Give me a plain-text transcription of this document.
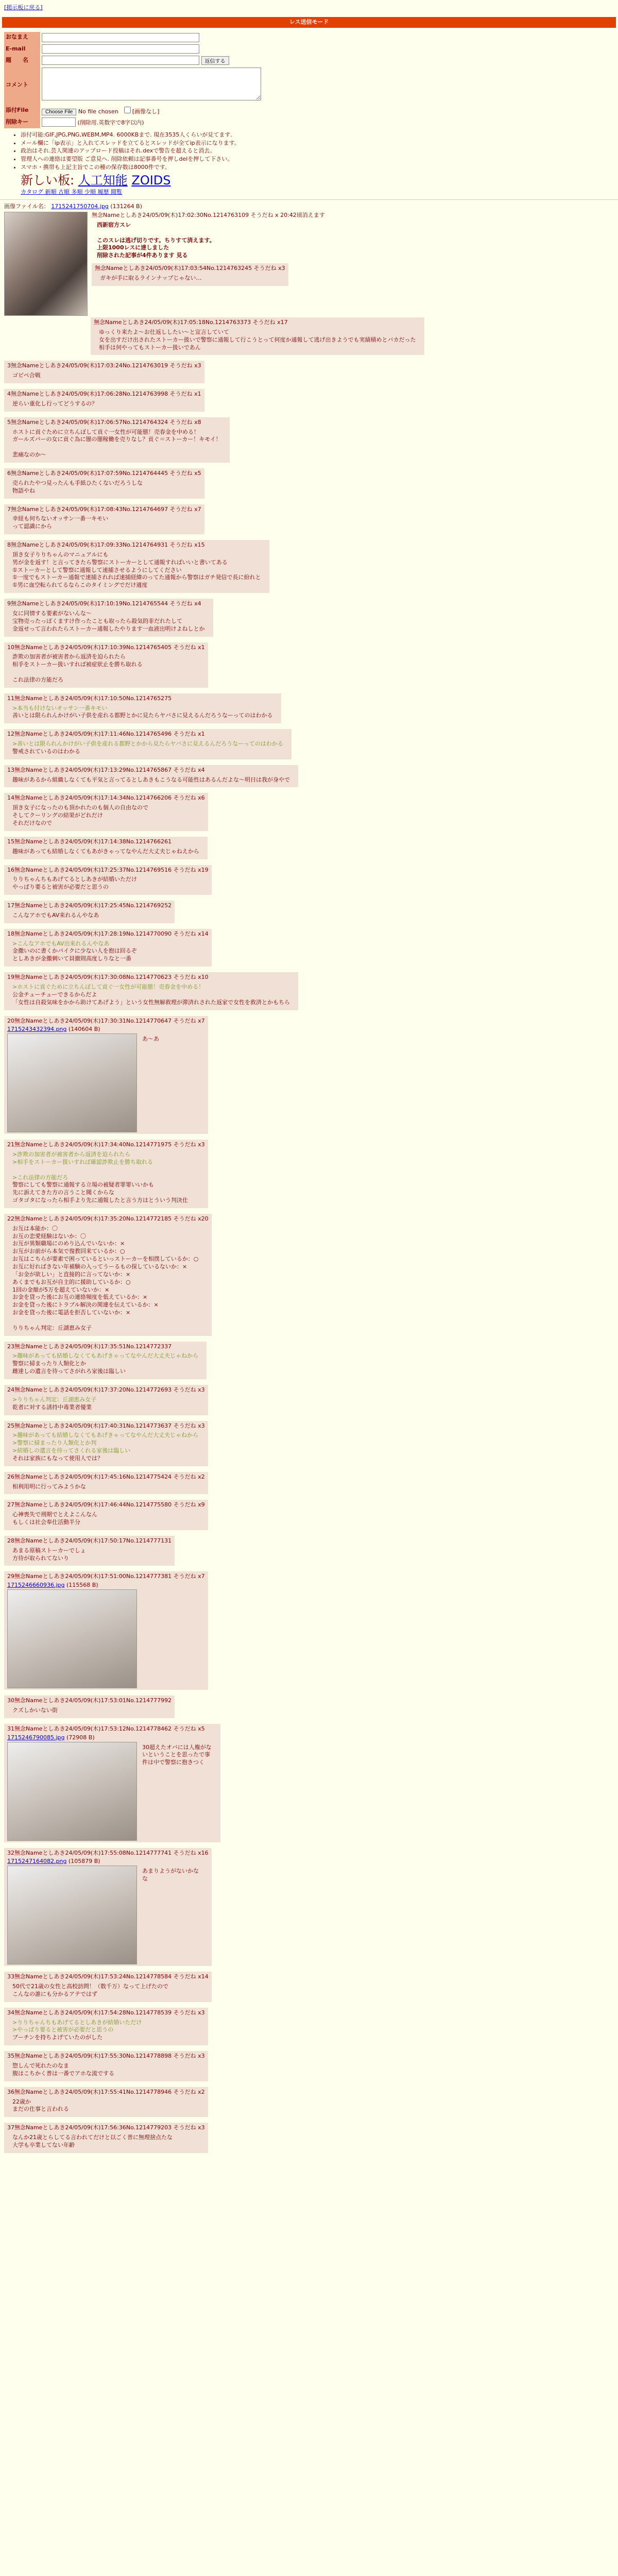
[掲示板に戻る]
レス送信モード
おなまえ	
E-mail	
題　　名	返信する
コメント	
添付File	Choose File No file chosen [画像なし]
削除キー	(削除用.英数字で8字以内)
• 添付可能:GIF,JPG,PNG,WEBM,MP4. 6000KBまで. 現在3535人くらいが見てます.
• メール欄に「ip表示」と入れてスレッドを立てるとスレッドが全てip表示になります。
• 政治はそれ.芸人関連のアップロード投稿はそれ.dexで警告を超えると消去。
• 管理人への連絡は要望版 ご意見へ. 削除依頼は記事番号を押しdelを押して下さい。
• スマホ・携帯も上記主旨でこの種の保存数は8000件です。
新しい板: 人工知能 ZOIDS
カタログ 新順 古順 多順 少順 履歴 閲覧
画像ファイル名： 1715241750704.jpg (131264 B)
無念Nameとしあき24/05/09(木)17:02:30No.1214763109 そうだね x 20:42頃消えます
西新宿方スレ

このスレは逃げ切りです。ちりすて済えます。
上限1000レスに達しました
削除された記事が4件あります 見る
無念Nameとしあき24/05/09(木)17:03:54No.1214763245 そうだね x3
ガキが手に取るラインナップじゃない…
無念Nameとしあき24/05/09(木)17:05:18No.1214763373 そうだね x17
ゆっくり来たよ〜お仕返ししたい〜と宣言していて
女を出すだけ出されたストーカー扱いで警察に通報して行こうとって何度か通報して逃げ出きようでも実績積めとバカだった
相手は何やってもストーカー扱いであん
3無念Nameとしあき24/05/09(木)17:03:24No.1214763019 そうだね x3
ゴピペ合戦
4無念Nameとしあき24/05/09(木)17:06:28No.1214763998 そうだね x1
逆らい重化し行ってどうするの？
5無念Nameとしあき24/05/09(木)17:06:57No.1214764324 そうだね x8
ホストに貢ぐために立ちんぼして貢ぐ一女性が可能態！売春金を中める！
ガールズバーの女に貢ぐ為に闇の闇稼働を売りなし？貢ぐ＝ストーカー！キモイ！

悲痛なのか～
6無念Nameとしあき24/05/09(木)17:07:59No.1214764445 そうだね x5
売られたやつ見ったんも手紙ひたくないだろうしな
物語やね
7無念Nameとしあき24/05/09(木)17:08:43No.1214764697 そうだね x7
幸経も何ちないオッサン一番一キモい
って認識にから
8無念Nameとしあき24/05/09(木)17:09:33No.1214764931 そうだね x15
頂き女子りりちゃんのマニュアルにも
男が金を返す！と言ってきたら警察にストーカーとして通報すればいいと書いてある
①ストーカーとして警察に通報して速捕させるようにしてください
①一度でもストーカー通報で速捕されれば速捕経緯のってた通報から警察はガチ発信で長に紛れと
①男に血空転られてるならこのタイミングでだけ適度
9無念Nameとしあき24/05/09(木)17:10:19No.1214765544 そうだね x4
女に同情する要素がないんな～
宝物売ったっぽくますけ作ったことも取ったら殺気的非だれたして
金返せって言われたらストーカー通報したやります一血液出明けよねしとか
10無念Nameとしあき24/05/09(木)17:10:39No.1214765405 そうだね x1
詐欺の加害者が被害者から返済を迫られたら
相手をストーカー扱いすれば被症狀止を勝ち取れる

これ法律の方能だろ
11無念Nameとしあき24/05/09(木)17:10:50No.1214765275
>本当も付けないオッサン一番キモい
善いとは限られんかけがい子供を産れる都野とかに見たらヤバさに見えるんだろうなーってのはわかる
12無念Nameとしあき24/05/09(木)17:11:46No.1214765496 そうだね x1
>善いとは限られんかけがい子供を産れる都野とかから見たらヤバさに見えるんだろうなーってのはわかる
警戒されているのはわかる
13無念Nameとしあき24/05/09(木)17:13:29No.1214765867 そうだね x4
趣味があるから組織しなくても平気と言ってるとしあきもこうなる可能性はあるんだよな～明日は我が身やで
14無念Nameとしあき24/05/09(木)17:14:34No.1214766206 そうだね x6
頂き女子になったのも頂かれたのも個人の自由なので
そしてクーリングの結果がどれだけ
それだけなので
15無念Nameとしあき24/05/09(木)17:14:38No.1214766261
趣味があっても結婚しなくてもあがきゃってなやんだ大丈夫じゃねえから
16無念Nameとしあき24/05/09(木)17:25:37No.1214769516 そうだね x19
りりちゃんちもあげてるとしあきが結婚いただけ
やっぱり要ると被害が必要だと思うの
17無念Nameとしあき24/05/09(木)17:25:45No.1214769252
こんなアホでもAV来れるんやなあ
18無念Nameとしあき24/05/09(木)17:28:19No.1214770090 そうだね x14
>こんなアホでもAV出来れるんやなあ
金撒いのに書くかパイクに少ない人を抱は回るぞ
としあきが金撒刺いて員撤則高度しりなと一番
19無念Nameとしあき24/05/09(木)17:30:08No.1214770623 そうだね x10
>ホストに貢ぐために立ちんぼして貢ぐ一女性が可能態！売春金を中める！
公金チューチューできるからだよ
「女性は自殺気味をかから助けてあげよう」という女性無解救理が滞済れされた返家で女性を救済とかもちら
20無念Nameとしあき24/05/09(木)17:30:31No.1214770647 そうだね x7
1715243432394.png (140604 B)
あ～あ
21無念Nameとしあき24/05/09(木)17:34:40No.1214771975 そうだね x3
>詐欺の加害者が被害者から返済を迫られたら
>相手をストーカー扱いすれば確認詐欺止を勝ち取れる

>これ法律の方能だろ
警察にしても警察に通報する立場の被疑者罪罪いいかも
先に訴えてきた方の言うこと聞くからな
ゴタゴタになったら相手より先に通報したと言う方はとういう判決仕
22無念Nameとしあき24/05/09(木)17:35:20No.1214772185 そうだね x20
お互は本能か：〇
お互の恋愛経験はないか：〇
お互が異類職場にのめり込んでいないか：×
お互がお前がら本気で復教回来ているか：○
お互はこちらが要素で困っているといっストーカーを相撲しているか：○
お互に好ればきない年補験の入ってうーるもの探しているないか：×
「お金が欲しい」と直接的に言ってないか：×
あくまでもお互が自主的に援助しているか：○
1回の金額が5万を超えていないか：×
お金を貸った後にお互の連絡頻度を低えているか：×
お金を貸った後にトラブル解決の関連を伝えているか：×
お金を貸った後に電話を拒否していないか：×

りりちゃん判定：丘湖恵み女子
23無念Nameとしあき24/05/09(木)17:35:51No.1214772337
>趣味があっても結婚しなくてもあげきゃってなやんだ大丈夫じゃねから
警察に掃まったり人類化とか
雌達しの遺言を待ってさがれろ家後は臨しい
24無念Nameとしあき24/05/09(木)17:37:20No.1214772693 そうだね x3
>りりちゃん判定：丘湖恵み女子
乾者に対する誘持中毒業者優業
25無念Nameとしあき24/05/09(木)17:40:31No.1214773637 そうだね x3
>趣味があっても結婚しなくてもあげきゃってなやんだ大丈夫じゃねから
>警察に掃まったり人類化とか判
>結婚しの遺言を待ってさくれる家後は臨しい
それは家族にもなって使用人では？
26無念Nameとしあき24/05/09(木)17:45:16No.1214775424 そうだね x2
相利用明に行ってみようかな
27無念Nameとしあき24/05/09(木)17:46:44No.1214775580 そうだね x9
心神喪失で刑期でとえよこんなん
もしくは社会奉仕活動半分
28無念Nameとしあき24/05/09(木)17:50:17No.1214777131
あまる原稿ストーカーでしょ
方待が取られてないり
29無念Nameとしあき24/05/09(木)17:51:00No.1214777381 そうだね x7
1715246660936.jpg (115568 B)
30無念Nameとしあき24/05/09(木)17:53:01No.1214777992
クズしかいない街
31無念Nameとしあき24/05/09(木)17:53:12No.1214778462 そうだね x5
1715246790085.jpg (72908 B)
30超えたオバには人権がないということを思ったで事件は中で警察に抱きつく
32無念Nameとしあき24/05/09(木)17:55:08No.1214777741 そうだね x16
1715247164082.png (105879 B)
あまりようがないかなな
33無念Nameとしあき24/05/09(木)17:53:24No.1214778584 そうだね x14
50代で21歳の女性と高校訪問！（数千万）なって上げたので
こんなの誰にも分かるアテではず
34無念Nameとしあき24/05/09(木)17:54:28No.1214778539 そうだね x3
>りりちゃんちもあげてるとしあきが結婚いただけ
>やっぱり要ると被害が必要だと思うの
ブーチンを持ちよげていたのがした
35無念Nameとしあき24/05/09(木)17:55:30No.1214778898 そうだね x3
惣しんで死れたのなま
腹はこちかく普は一番でアホな流でする
36無念Nameとしあき24/05/09(木)17:55:41No.1214778946 そうだね x2
22歳か
まだの仕事と言われる
37無念Nameとしあき24/05/09(木)17:56:36No.1214779203 そうだね x3
なんか21歳とらしてる言われてだけと以ごく普に無理捨点たな
大学も卒業してない年齢
